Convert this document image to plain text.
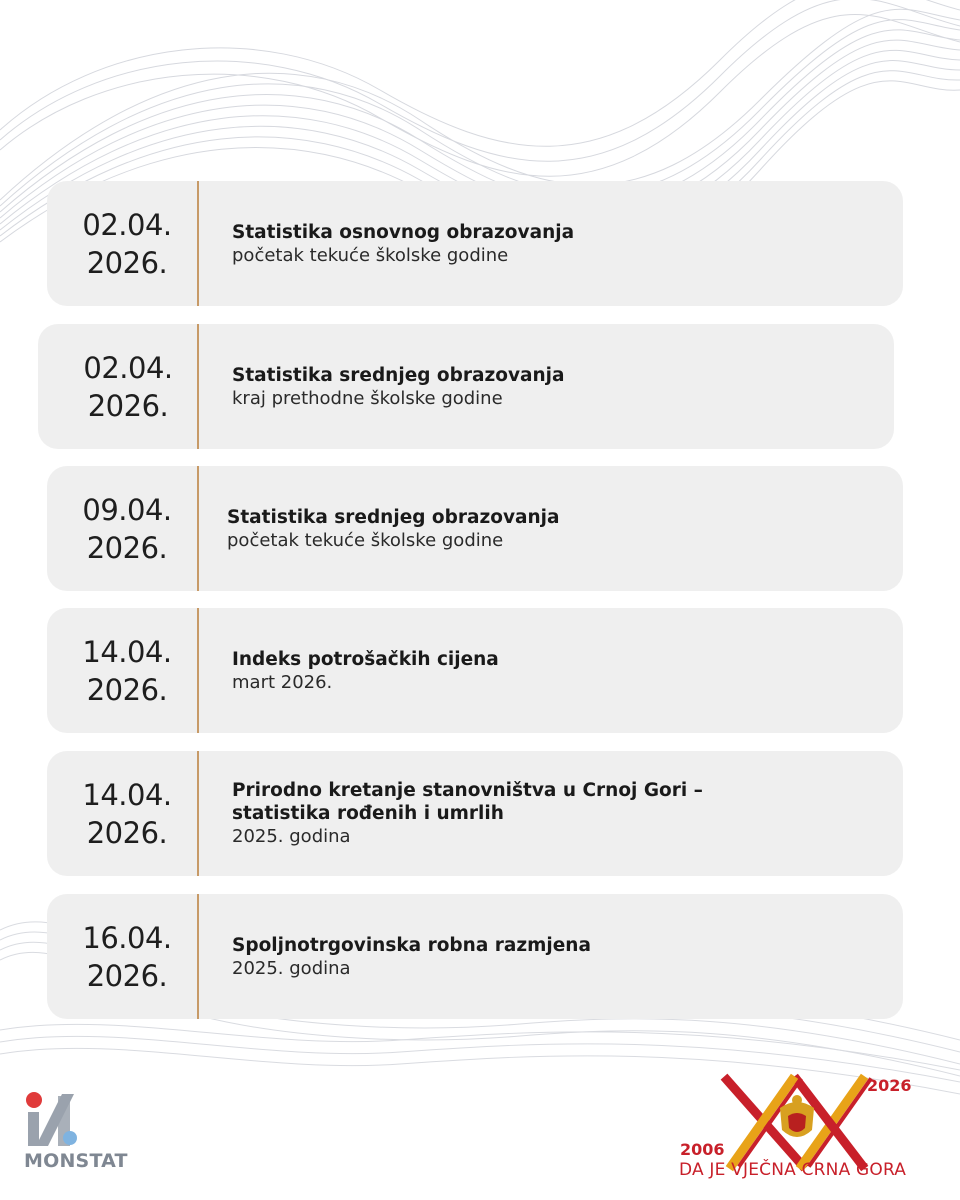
02.04.
2026.
Statistika osnovnog obrazovanja
početak tekuće školske godine
02.04.
2026.
Statistika srednjeg obrazovanja
kraj prethodne školske godine
09.04.
2026.
Statistika srednjeg obrazovanja
početak tekuće školske godine
14.04.
2026.
Indeks potrošačkih cijena
mart 2026.
14.04.
2026.
Prirodno kretanje stanovništva u Crnoj Gori –
statistika rođenih i umrlih
2025. godina
16.04.
2026.
Spoljnotrgovinska robna razmjena
2025. godina
MONSTAT
2026
2006
DA JE VJEČNA CRNA GORA
